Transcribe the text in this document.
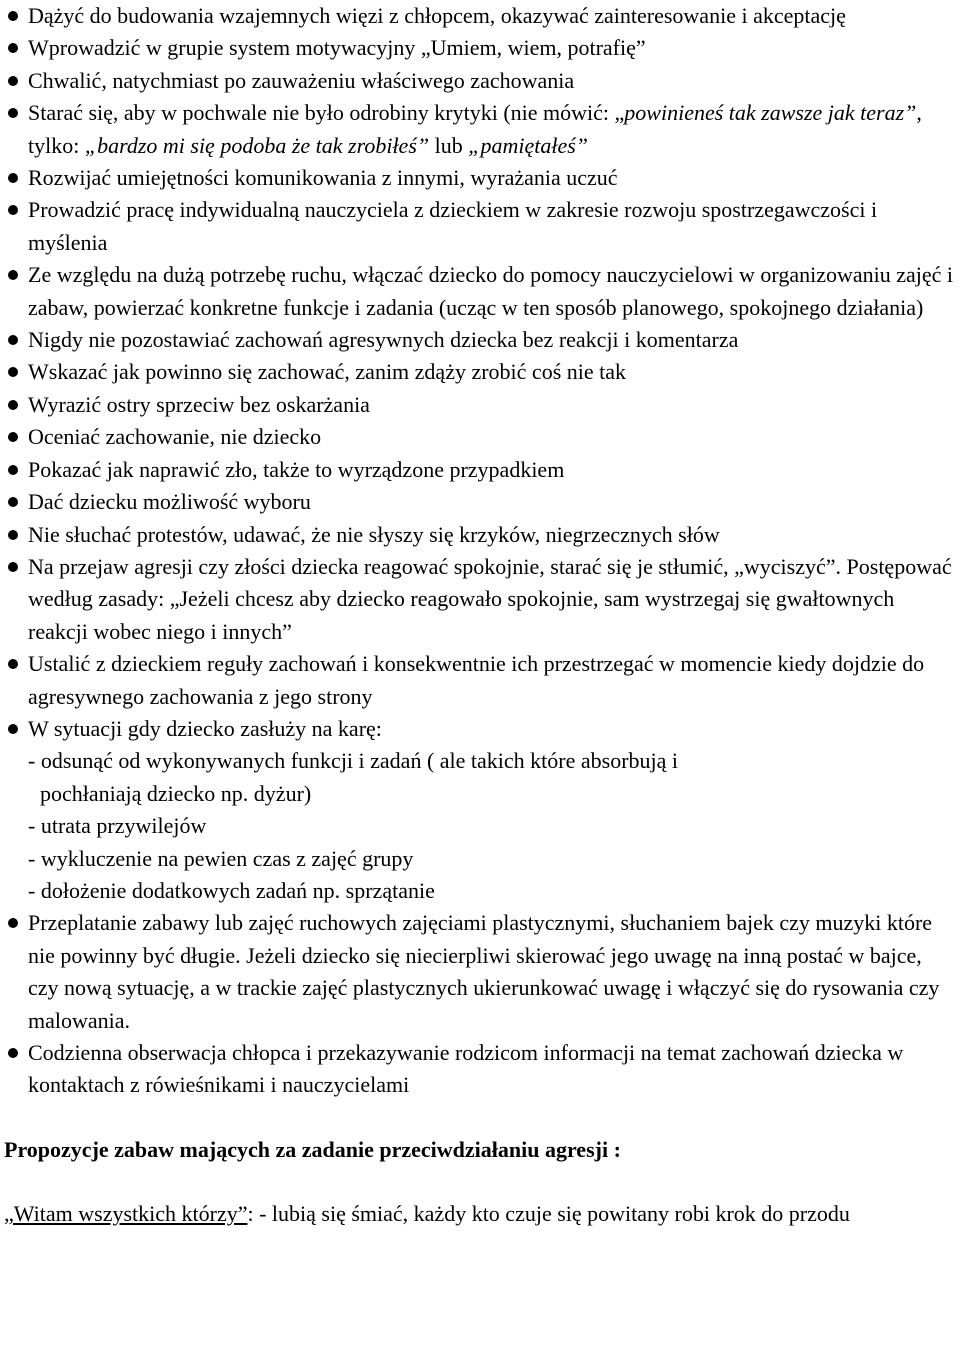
Dążyć do budowania wzajemnych więzi z chłopcem, okazywać zainteresowanie i akceptację
Wprowadzić w grupie system motywacyjny „Umiem, wiem, potrafię”
Chwalić, natychmiast po zauważeniu właściwego zachowania
Starać się, aby w pochwale nie było odrobiny krytyki (nie mówić: „powinieneś tak zawsze jak teraz”, tylko: „bardzo mi się podoba że tak zrobiłeś” lub „pamiętałeś”
Rozwijać umiejętności komunikowania z innymi, wyrażania uczuć
Prowadzić pracę indywidualną nauczyciela z dzieckiem w zakresie rozwoju spostrzegawczości i myślenia
Ze względu na dużą potrzebę ruchu, włączać dziecko do pomocy nauczycielowi w organizowaniu zajęć i zabaw, powierzać konkretne funkcje i zadania (ucząc w ten sposób planowego, spokojnego działania)
Nigdy nie pozostawiać zachowań agresywnych dziecka bez reakcji i komentarza
Wskazać jak powinno się zachować, zanim zdąży zrobić coś nie tak
Wyrazić ostry sprzeciw bez oskarżania
Oceniać zachowanie, nie dziecko
Pokazać jak naprawić zło, także to wyrządzone przypadkiem
Dać dziecku możliwość wyboru
Nie słuchać protestów, udawać, że nie słyszy się krzyków, niegrzecznych słów
Na przejaw agresji czy złości dziecka reagować spokojnie, starać się je stłumić, „wyciszyć”. Postępować według zasady: „Jeżeli chcesz aby dziecko reagowało spokojnie, sam wystrzegaj się gwałtownych reakcji wobec niego i innych”
Ustalić z dzieckiem reguły zachowań i konsekwentnie ich przestrzegać w momencie kiedy dojdzie do agresywnego zachowania z jego strony
W sytuacji gdy dziecko zasłuży na karę:
- odsunąć od wykonywanych funkcji i zadań ( ale takich które absorbują i
pochłaniają dziecko np. dyżur)
- utrata przywilejów
- wykluczenie na pewien czas z zajęć grupy
- dołożenie dodatkowych zadań np. sprzątanie
Przeplatanie zabawy lub zajęć ruchowych zajęciami plastycznymi, słuchaniem bajek czy muzyki które nie powinny być długie. Jeżeli dziecko się niecierpliwi skierować jego uwagę na inną postać w bajce, czy nową sytuację, a w trackie zajęć plastycznych ukierunkować uwagę i włączyć się do rysowania czy malowania.
Codzienna obserwacja chłopca i przekazywanie rodzicom informacji na temat zachowań dziecka w kontaktach z rówieśnikami i nauczycielami
Propozycje zabaw mających za zadanie przeciwdziałaniu agresji :
„Witam wszystkich którzy”: - lubią się śmiać, każdy kto czuje się powitany robi krok do przodu
